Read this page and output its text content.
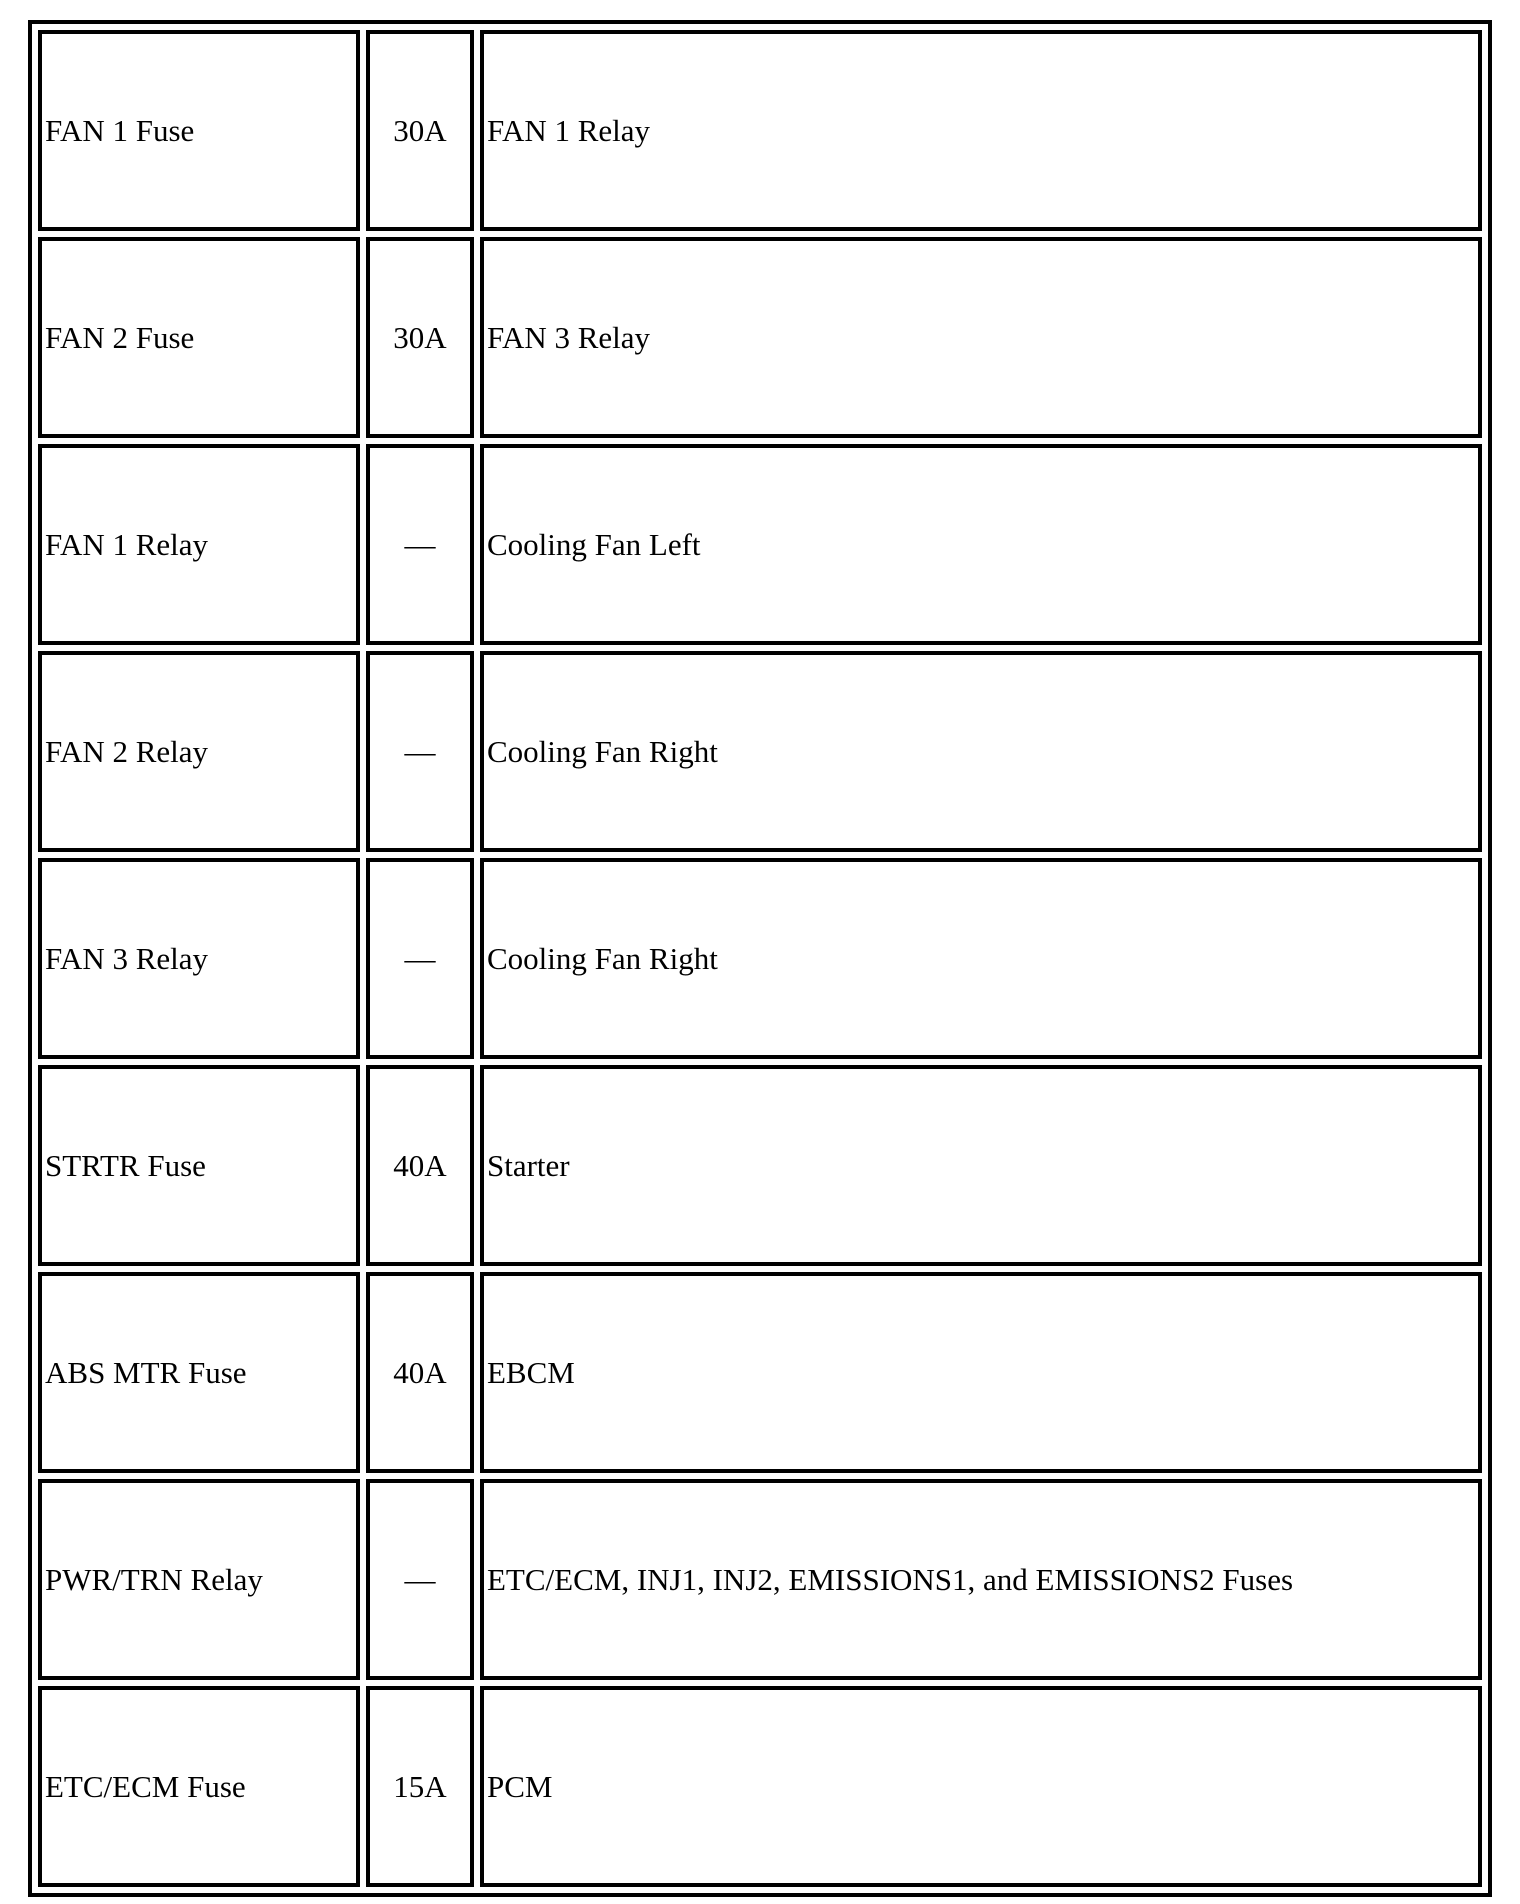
FAN 1 Fuse	30A	FAN 1 Relay
FAN 2 Fuse	30A	FAN 3 Relay
FAN 1 Relay	—	Cooling Fan Left
FAN 2 Relay	—	Cooling Fan Right
FAN 3 Relay	—	Cooling Fan Right
STRTR Fuse	40A	Starter
ABS MTR Fuse	40A	EBCM
PWR/TRN Relay	—	ETC/ECM, INJ1, INJ2, EMISSIONS1, and EMISSIONS2 Fuses
ETC/ECM Fuse	15A	PCM
